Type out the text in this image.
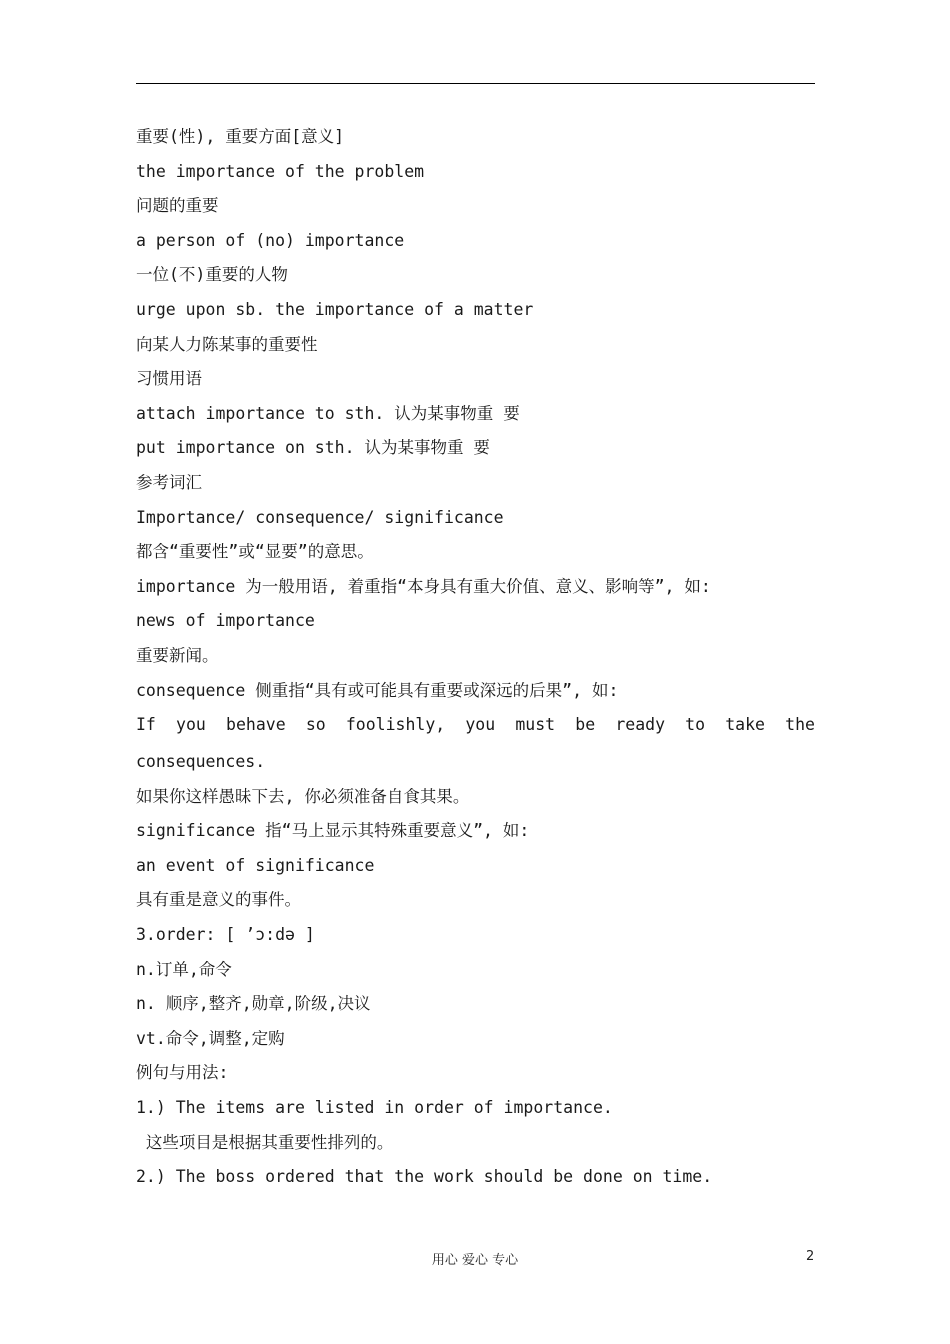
重要(性), 重要方面[意义]
the importance of the problem
问题的重要
a person of (no) importance
一位(不)重要的人物
urge upon sb. the importance of a matter
向某人力陈某事的重要性
习惯用语
attach importance to sth. 认为某事物重 要
put importance on sth. 认为某事物重 要
参考词汇
Importance/ consequence/ significance
都含“重要性”或“显要”的意思。
importance 为一般用语, 着重指“本身具有重大价值、意义、影响等”, 如:
news of importance
重要新闻。
consequence 侧重指“具有或可能具有重要或深远的后果”, 如:
If you behave so foolishly, you must be ready to take the
consequences.
如果你这样愚昧下去, 你必须准备自食其果。
significance 指“马上显示其特殊重要意义”, 如:
an event of significance
具有重是意义的事件。
3.order: [ ’ɔ:də ]
n.订单,命令
n. 顺序,整齐,勋章,阶级,决议
vt.命令,调整,定购
例句与用法:
1.) The items are listed in order of importance.
这些项目是根据其重要性排列的。
2.) The boss ordered that the work should be done on time.
用心 爱心 专心	2
